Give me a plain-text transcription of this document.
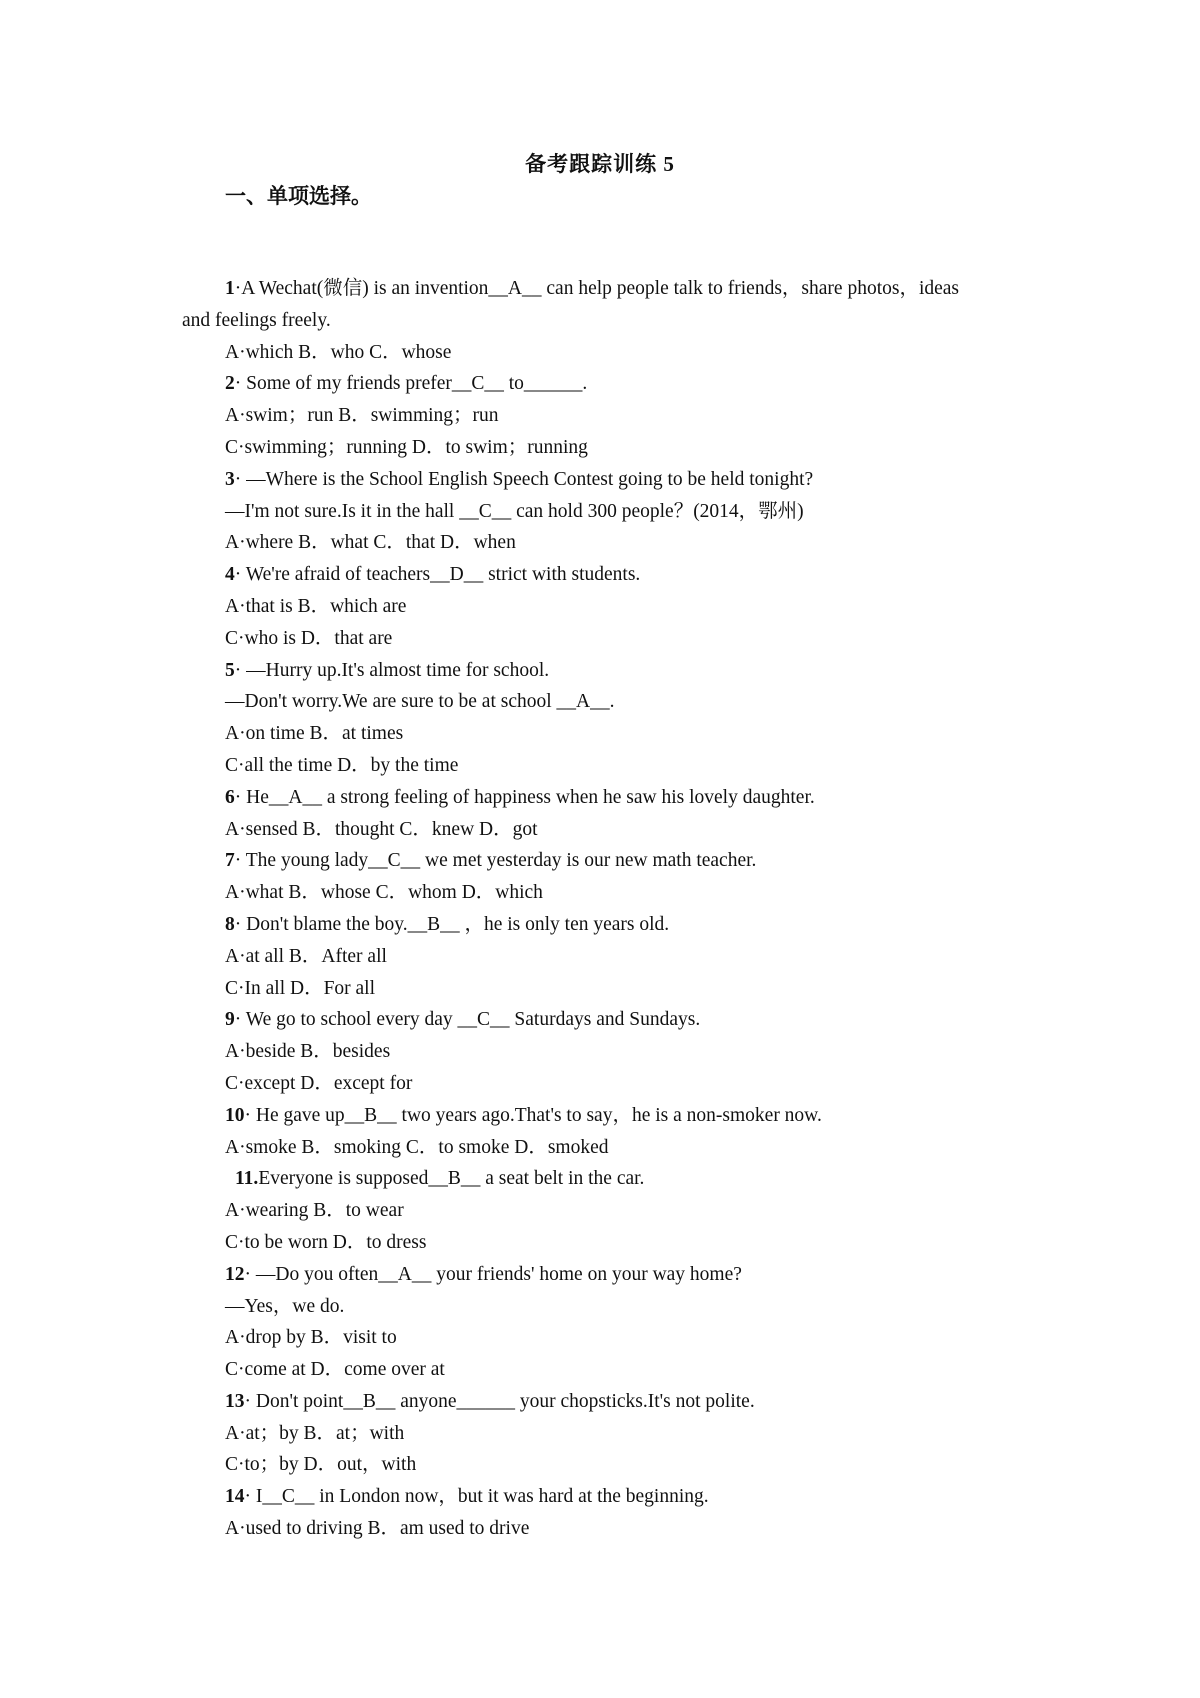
备考跟踪训练 5
一、单项选择。
1·A Wechat(微信) is an invention__A__ can help people talk to friends，share photos，ideas
and feelings freely.
A·which B．who C．whose
2· Some of my friends prefer__C__ to______.
A·swim；run B．swimming；run
C·swimming；running D．to swim；running
3· —Where is the School English Speech Contest going to be held tonight?
—I'm not sure.Is it in the hall __C__ can hold 300 people？(2014，鄂州)
A·where B．what C．that D．when
4· We're afraid of teachers__D__ strict with students.
A·that is B．which are
C·who is D．that are
5· —Hurry up.It's almost time for school.
—Don't worry.We are sure to be at school __A__.
A·on time B．at times
C·all the time D．by the time
6· He__A__ a strong feeling of happiness when he saw his lovely daughter.
A·sensed B．thought C．knew D．got
7· The young lady__C__ we met yesterday is our new math teacher.
A·what B．whose C．whom D．which
8· Don't blame the boy.__B__ ，he is only ten years old.
A·at all B．After all
C·In all D．For all
9· We go to school every day __C__ Saturdays and Sundays.
A·beside B．besides
C·except D．except for
10· He gave up__B__ two years ago.That's to say，he is a non-smoker now.
A·smoke B．smoking C．to smoke D．smoked
11.Everyone is supposed__B__ a seat belt in the car.
A·wearing B．to wear
C·to be worn D．to dress
12· —Do you often__A__ your friends' home on your way home?
—Yes，we do.
A·drop by B．visit to
C·come at D．come over at
13· Don't point__B__ anyone______ your chopsticks.It's not polite.
A·at；by B．at；with
C·to；by D．out，with
14· I__C__ in London now，but it was hard at the beginning.
A·used to driving B．am used to drive
